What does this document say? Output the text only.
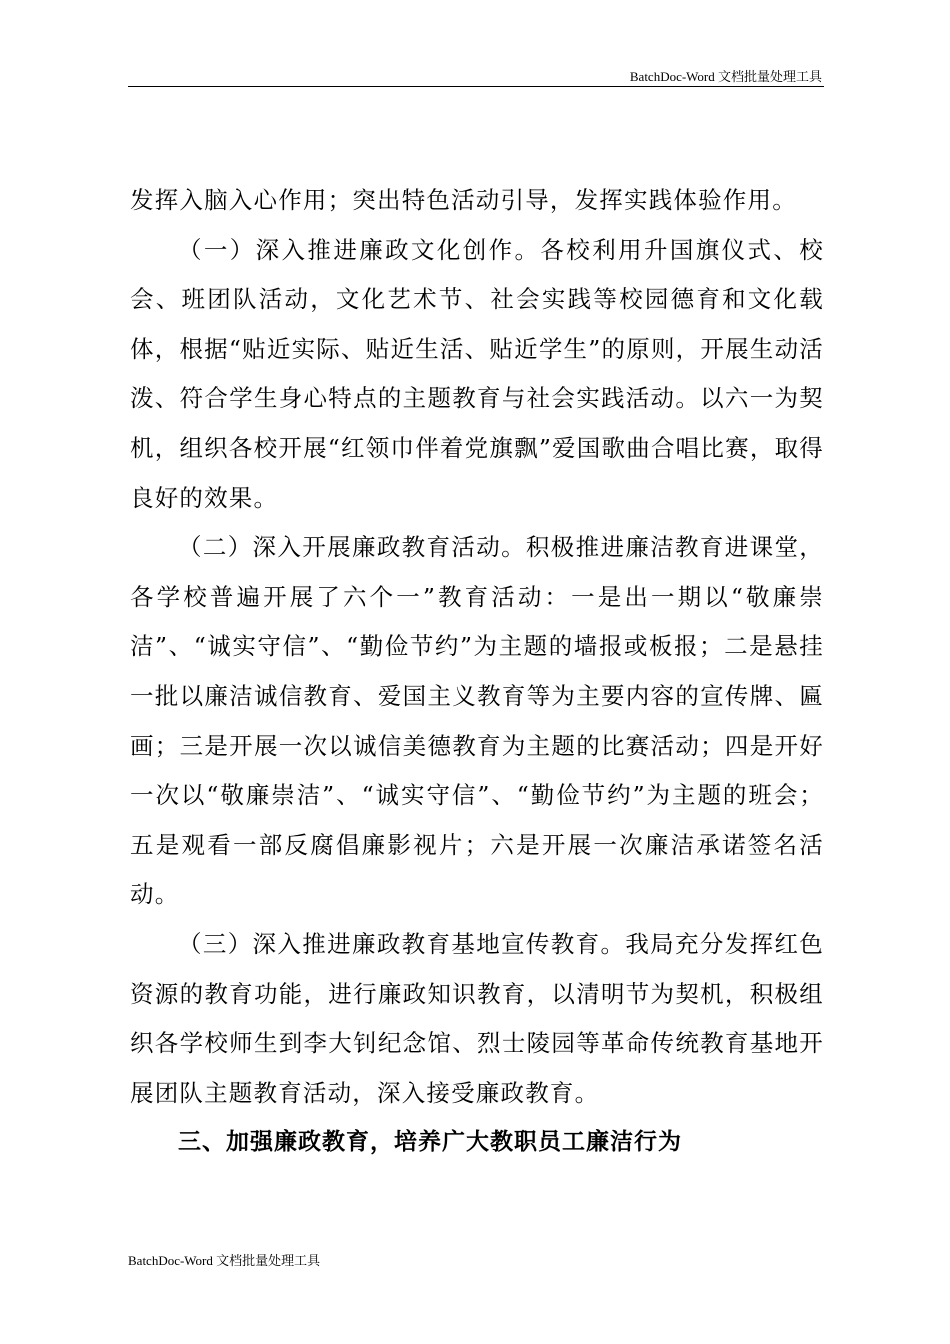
BatchDoc-Word 文档批量处理工具

发挥入脑入心作用；突出特色活动引导，发挥实践体验作用。

（一）深入推进廉政文化创作。各校利用升国旗仪式、校会、班团队活动，文化艺术节、社会实践等校园德育和文化载体，根据“贴近实际、贴近生活、贴近学生”的原则，开展生动活泼、符合学生身心特点的主题教育与社会实践活动。以六一为契机，组织各校开展“红领巾伴着党旗飘”爱国歌曲合唱比赛，取得良好的效果。

（二）深入开展廉政教育活动。积极推进廉洁教育进课堂，各学校普遍开展了六个一”教育活动：一是出一期以“敬廉崇洁”、“诚实守信”、“勤俭节约”为主题的墙报或板报；二是悬挂一批以廉洁诚信教育、爱国主义教育等为主要内容的宣传牌、匾画；三是开展一次以诚信美德教育为主题的比赛活动；四是开好一次以“敬廉崇洁”、“诚实守信”、“勤俭节约”为主题的班会；五是观看一部反腐倡廉影视片；六是开展一次廉洁承诺签名活动。

（三）深入推进廉政教育基地宣传教育。我局充分发挥红色资源的教育功能，进行廉政知识教育，以清明节为契机，积极组织各学校师生到李大钊纪念馆、烈士陵园等革命传统教育基地开展团队主题教育活动，深入接受廉政教育。

三、加强廉政教育，培养广大教职员工廉洁行为

BatchDoc-Word 文档批量处理工具
